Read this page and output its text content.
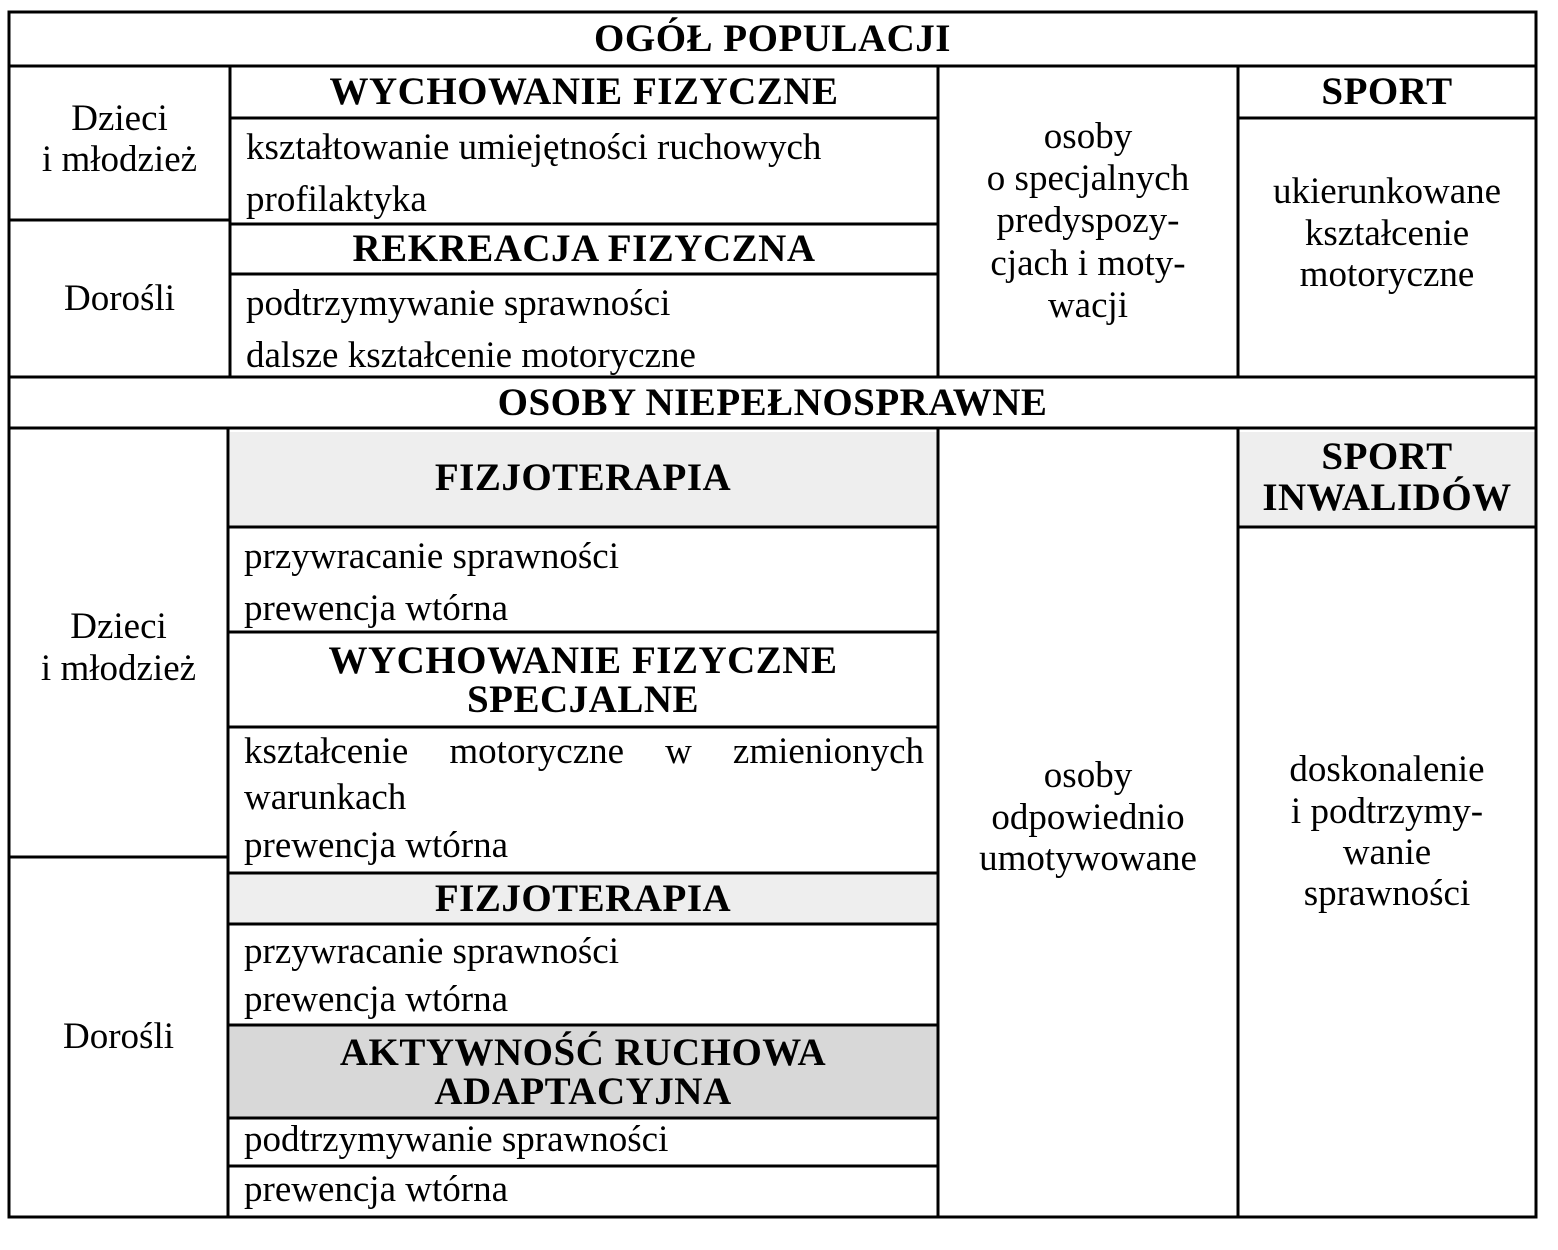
OGÓŁ POPULACJI
Dzieci
i młodzież
Dorośli
WYCHOWANIE FIZYCZNE
kształtowanie umiejętności ruchowych
profilaktyka
REKREACJA FIZYCZNA
podtrzymywanie sprawności
dalsze kształcenie motoryczne
osoby
o specjalnych
predyspozy-
cjach i moty-
wacji
SPORT
ukierunkowane
kształcenie
motoryczne
OSOBY NIEPEŁNOSPRAWNE
Dzieci
i młodzież
Dorośli
FIZJOTERAPIA
przywracanie sprawności
prewencja wtórna
WYCHOWANIE FIZYCZNE
SPECJALNE
kształcenie motoryczne w zmienionych
warunkach
prewencja wtórna
FIZJOTERAPIA
przywracanie sprawności
prewencja wtórna
AKTYWNOŚĆ RUCHOWA
ADAPTACYJNA
podtrzymywanie sprawności
prewencja wtórna
osoby
odpowiednio
umotywowane
SPORT
INWALIDÓW
doskonalenie
i podtrzymy-
wanie
sprawności
